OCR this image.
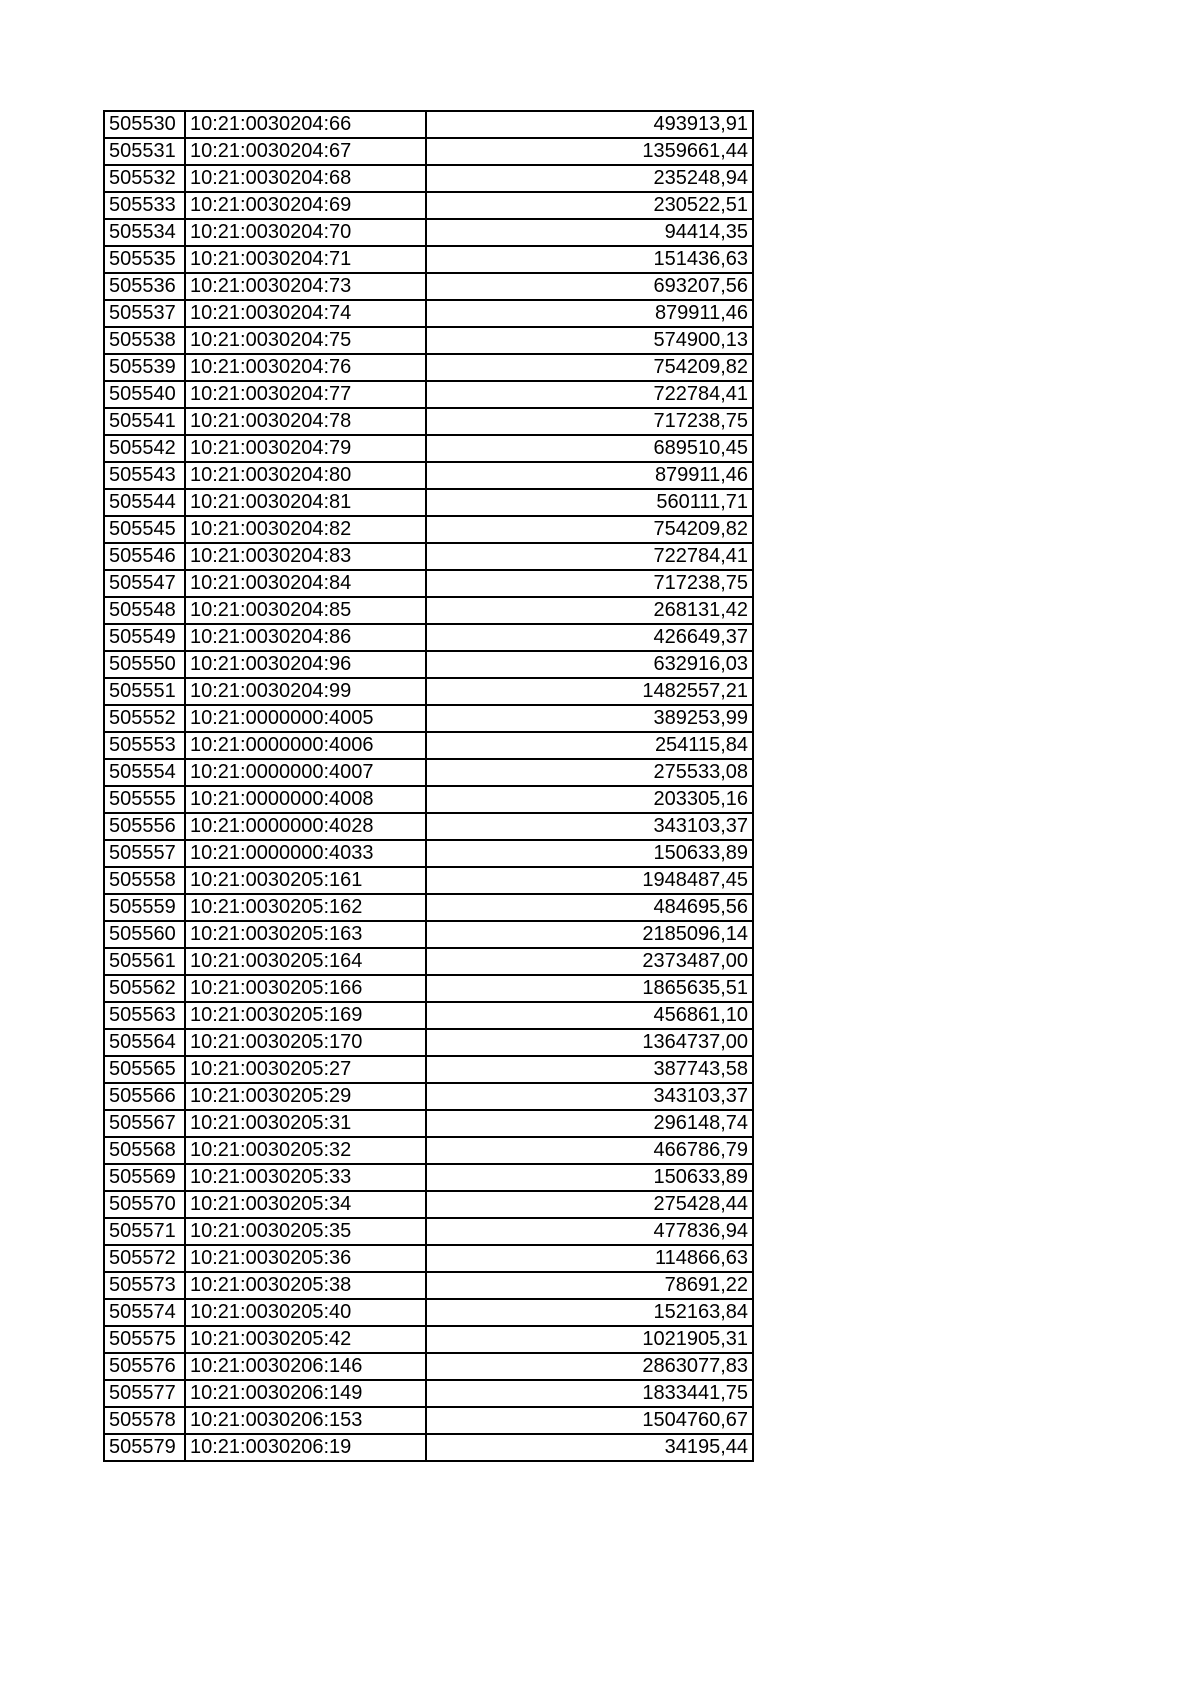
505530	10:21:0030204:66	493913,91
505531	10:21:0030204:67	1359661,44
505532	10:21:0030204:68	235248,94
505533	10:21:0030204:69	230522,51
505534	10:21:0030204:70	94414,35
505535	10:21:0030204:71	151436,63
505536	10:21:0030204:73	693207,56
505537	10:21:0030204:74	879911,46
505538	10:21:0030204:75	574900,13
505539	10:21:0030204:76	754209,82
505540	10:21:0030204:77	722784,41
505541	10:21:0030204:78	717238,75
505542	10:21:0030204:79	689510,45
505543	10:21:0030204:80	879911,46
505544	10:21:0030204:81	560111,71
505545	10:21:0030204:82	754209,82
505546	10:21:0030204:83	722784,41
505547	10:21:0030204:84	717238,75
505548	10:21:0030204:85	268131,42
505549	10:21:0030204:86	426649,37
505550	10:21:0030204:96	632916,03
505551	10:21:0030204:99	1482557,21
505552	10:21:0000000:4005	389253,99
505553	10:21:0000000:4006	254115,84
505554	10:21:0000000:4007	275533,08
505555	10:21:0000000:4008	203305,16
505556	10:21:0000000:4028	343103,37
505557	10:21:0000000:4033	150633,89
505558	10:21:0030205:161	1948487,45
505559	10:21:0030205:162	484695,56
505560	10:21:0030205:163	2185096,14
505561	10:21:0030205:164	2373487,00
505562	10:21:0030205:166	1865635,51
505563	10:21:0030205:169	456861,10
505564	10:21:0030205:170	1364737,00
505565	10:21:0030205:27	387743,58
505566	10:21:0030205:29	343103,37
505567	10:21:0030205:31	296148,74
505568	10:21:0030205:32	466786,79
505569	10:21:0030205:33	150633,89
505570	10:21:0030205:34	275428,44
505571	10:21:0030205:35	477836,94
505572	10:21:0030205:36	114866,63
505573	10:21:0030205:38	78691,22
505574	10:21:0030205:40	152163,84
505575	10:21:0030205:42	1021905,31
505576	10:21:0030206:146	2863077,83
505577	10:21:0030206:149	1833441,75
505578	10:21:0030206:153	1504760,67
505579	10:21:0030206:19	34195,44
